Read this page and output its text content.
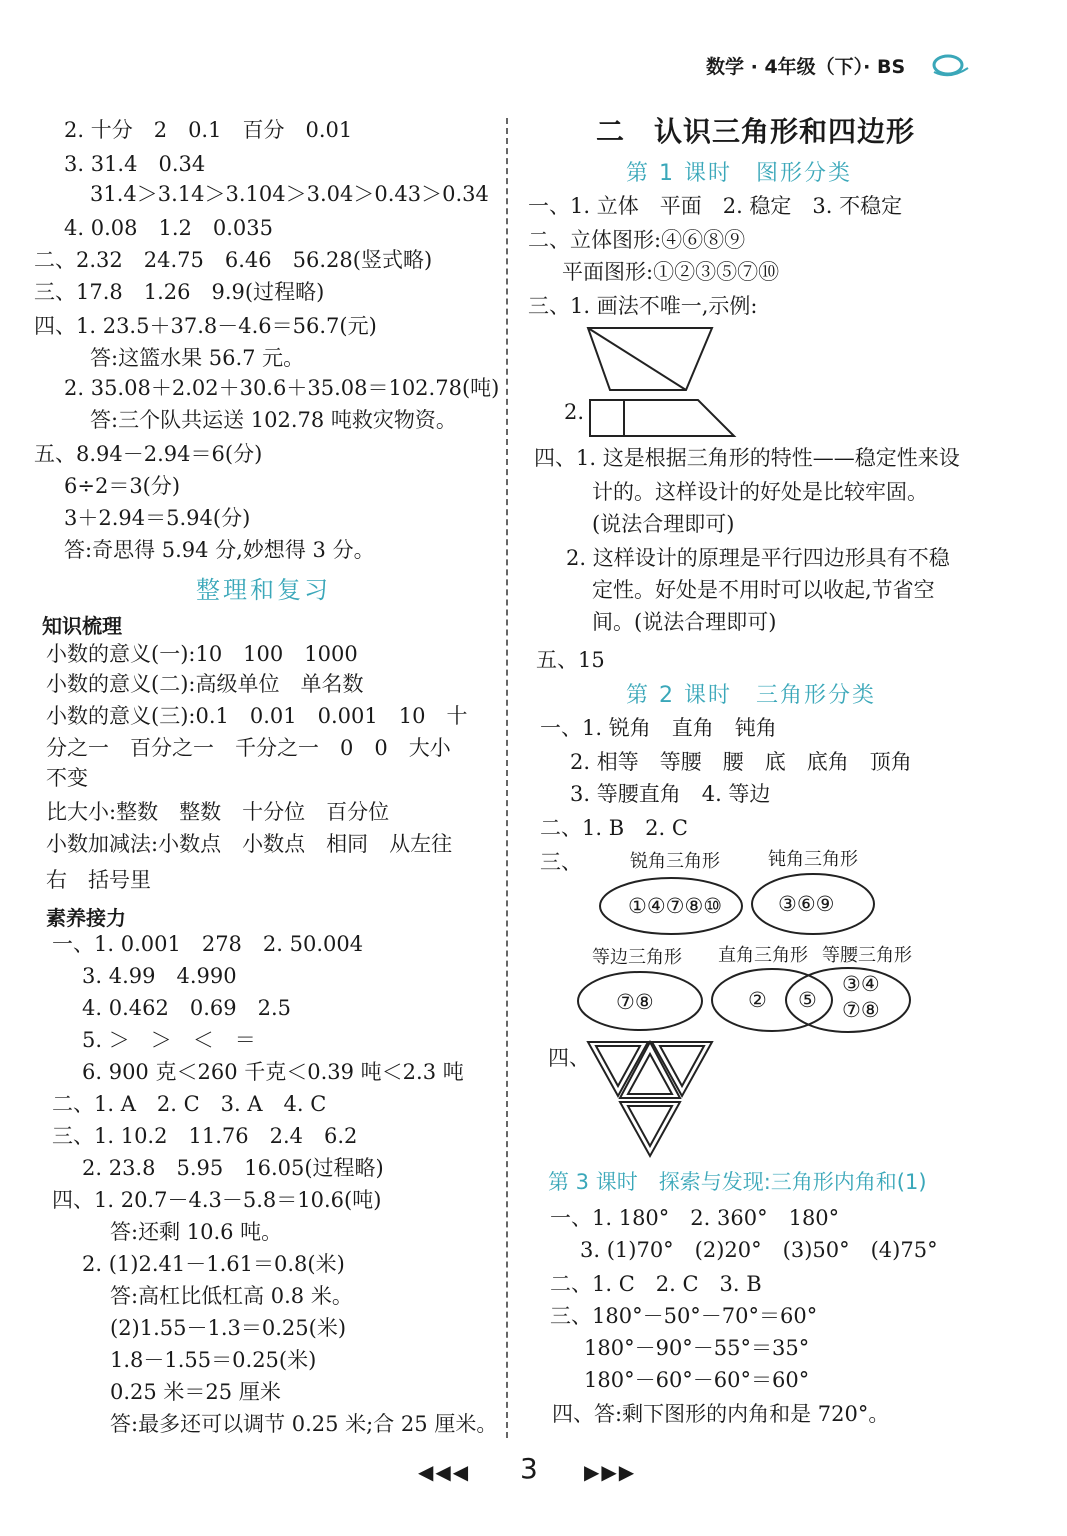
数学 · 4年级（下）· BS
2. 十分　2　0.1　百分　0.01
3. 31.4　0.34
31.4＞3.14＞3.104＞3.04＞0.43＞0.34
4. 0.08　1.2　0.035
二、2.32　24.75　6.46　56.28(竖式略)
三、17.8　1.26　9.9(过程略)
四、1. 23.5＋37.8－4.6＝56.7(元)
答:这篮水果 56.7 元。
2. 35.08＋2.02＋30.6＋35.08＝102.78(吨)
答:三个队共运送 102.78 吨救灾物资。
五、8.94－2.94＝6(分)
6÷2＝3(分)
3＋2.94＝5.94(分)
答:奇思得 5.94 分,妙想得 3 分。
整理和复习
知识梳理
小数的意义(一):10　100　1000
小数的意义(二):高级单位　单名数
小数的意义(三):0.1　0.01　0.001　10　十
分之一　百分之一　千分之一　0　0　大小
不变
比大小:整数　整数　十分位　百分位
小数加减法:小数点　小数点　相同　从左往
右　括号里
素养接力
一、1. 0.001　278　2. 50.004
3. 4.99　4.990
4. 0.462　0.69　2.5
5. ＞　＞　＜　＝
6. 900 克＜260 千克＜0.39 吨＜2.3 吨
二、1. A　2. C　3. A　4. C
三、1. 10.2　11.76　2.4　6.2
2. 23.8　5.95　16.05(过程略)
四、1. 20.7－4.3－5.8＝10.6(吨)
答:还剩 10.6 吨。
2. (1)2.41－1.61＝0.8(米)
答:高杠比低杠高 0.8 米。
(2)1.55－1.3＝0.25(米)
1.8－1.55＝0.25(米)
0.25 米＝25 厘米
答:最多还可以调节 0.25 米;合 25 厘米。
二　认识三角形和四边形
第 1 课时　图形分类
一、1. 立体　平面　2. 稳定　3. 不稳定
二、立体图形:④⑥⑧⑨
平面图形:①②③⑤⑦⑩
三、1. 画法不唯一,示例:
2.
四、1. 这是根据三角形的特性——稳定性来设
计的。这样设计的好处是比较牢固。
(说法合理即可)
2. 这样设计的原理是平行四边形具有不稳
定性。好处是不用时可以收起,节省空
间。(说法合理即可)
五、15
第 2 课时　三角形分类
一、1. 锐角　直角　钝角
2. 相等　等腰　腰　底　底角　顶角
3. 等腰直角　4. 等边
二、1. B　2. C
三、	锐角三角形
①④⑦⑧⑩
钝角三角形
③⑥⑨
等边三角形
⑦⑧
直角三角形 等腰三角形
② ⑤
③④
⑦⑧
四、
第 3 课时　探索与发现:三角形内角和(1)
一、1. 180°　2. 360°　180°
3. (1)70°　(2)20°　(3)50°　(4)75°
二、1. C　2. C　3. B
三、180°－50°－70°＝60°
180°－90°－55°＝35°
180°－60°－60°＝60°
四、答:剩下图形的内角和是 720°。
◀◀◀ 3 ▶▶▶
